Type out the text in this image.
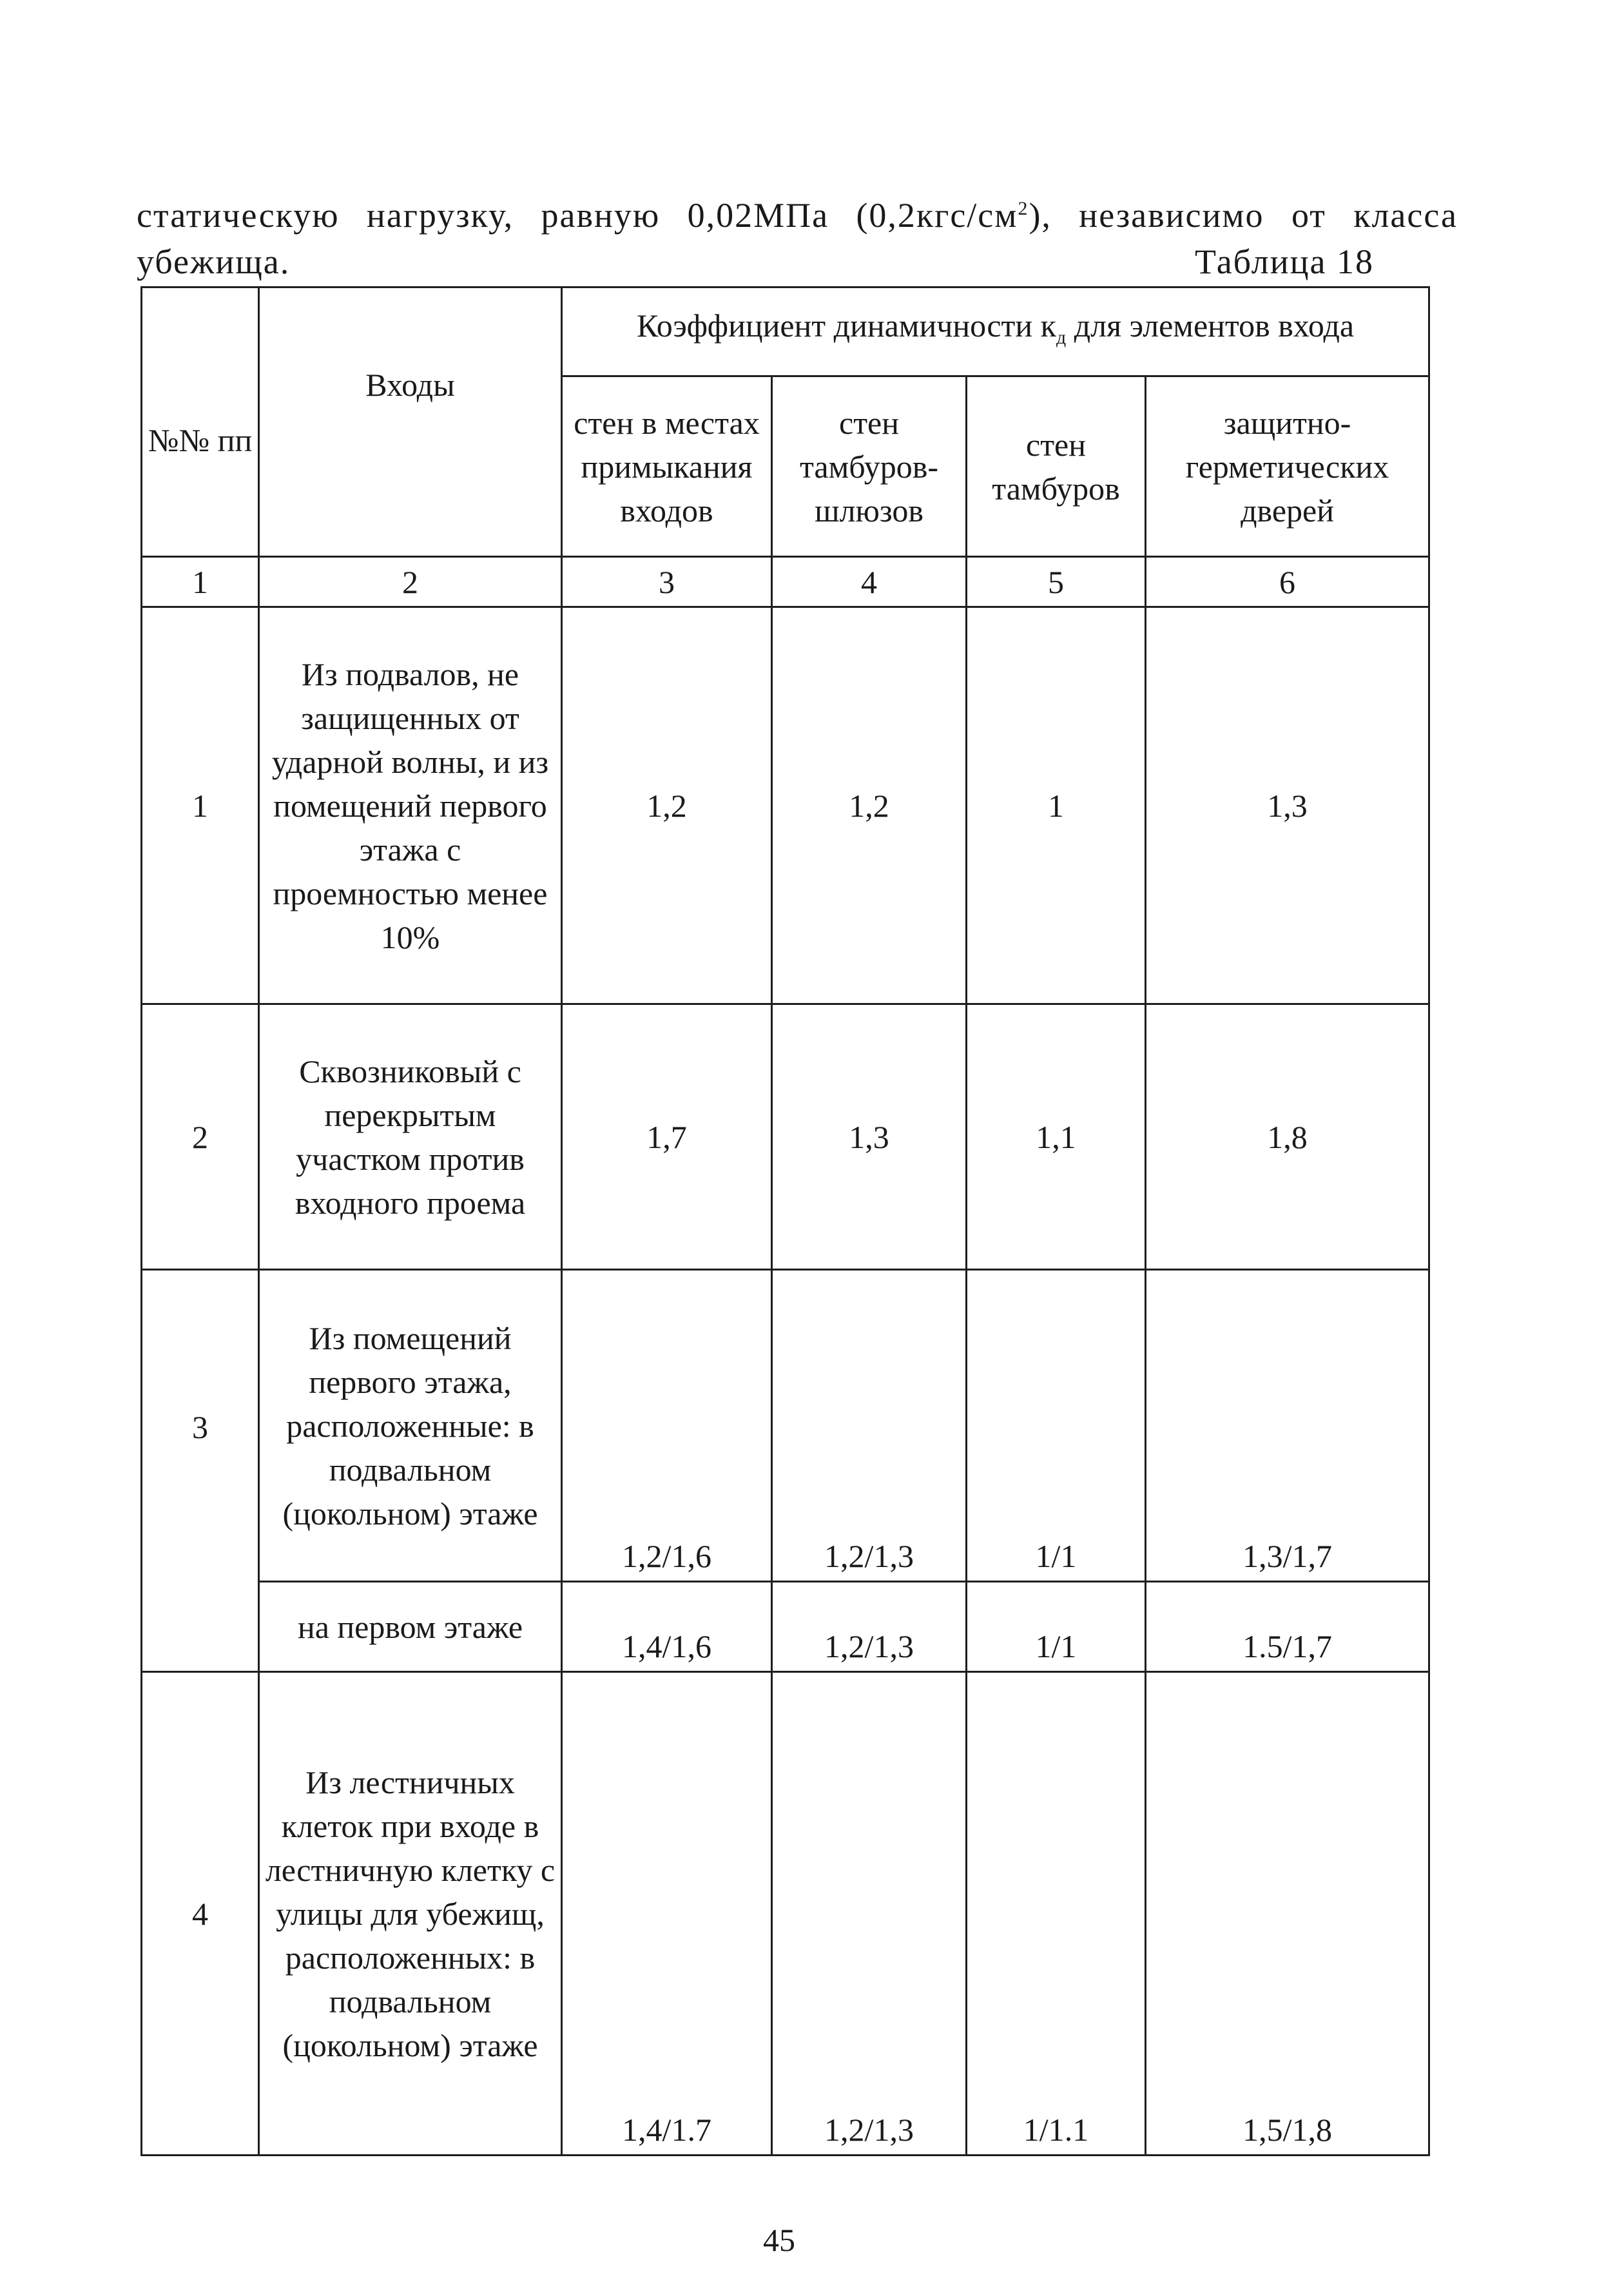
статическую нагрузку, равную 0,02МПа $(0,2кгс/см^2)$, независимо от класса
убежища.	Таблица 18
№№ пп	Входы	Коэффициент динамичности $к_д$ для элементов входа			
		стен в местах примыкания входов	стен тамбуров-шлюзов	стен тамбуров	защитно-герметических дверей
1	2	3	4	5	6
1	Из подвалов, не защищенных от ударной волны, и из помещений первого этажа с проемностью менее 10%	1,2	1,2	1	1,3
2	Сквозниковый с перекрытым участком против входного проема	1,7	1,3	1,1	1,8
3	Из помещений первого этажа, расположенные: в подвальном (цокольном) этаже	1,2/1,6	1,2/1,3	1/1	1,3/1,7
	на первом этаже	1,4/1,6	1,2/1,3	1/1	1.5/1,7
4	Из лестничных клеток при входе в лестничную клетку с улицы для убежищ, расположенных: в подвальном (цокольном) этаже	1,4/1.7	1,2/1,3	1/1.1	1,5/1,8
45
